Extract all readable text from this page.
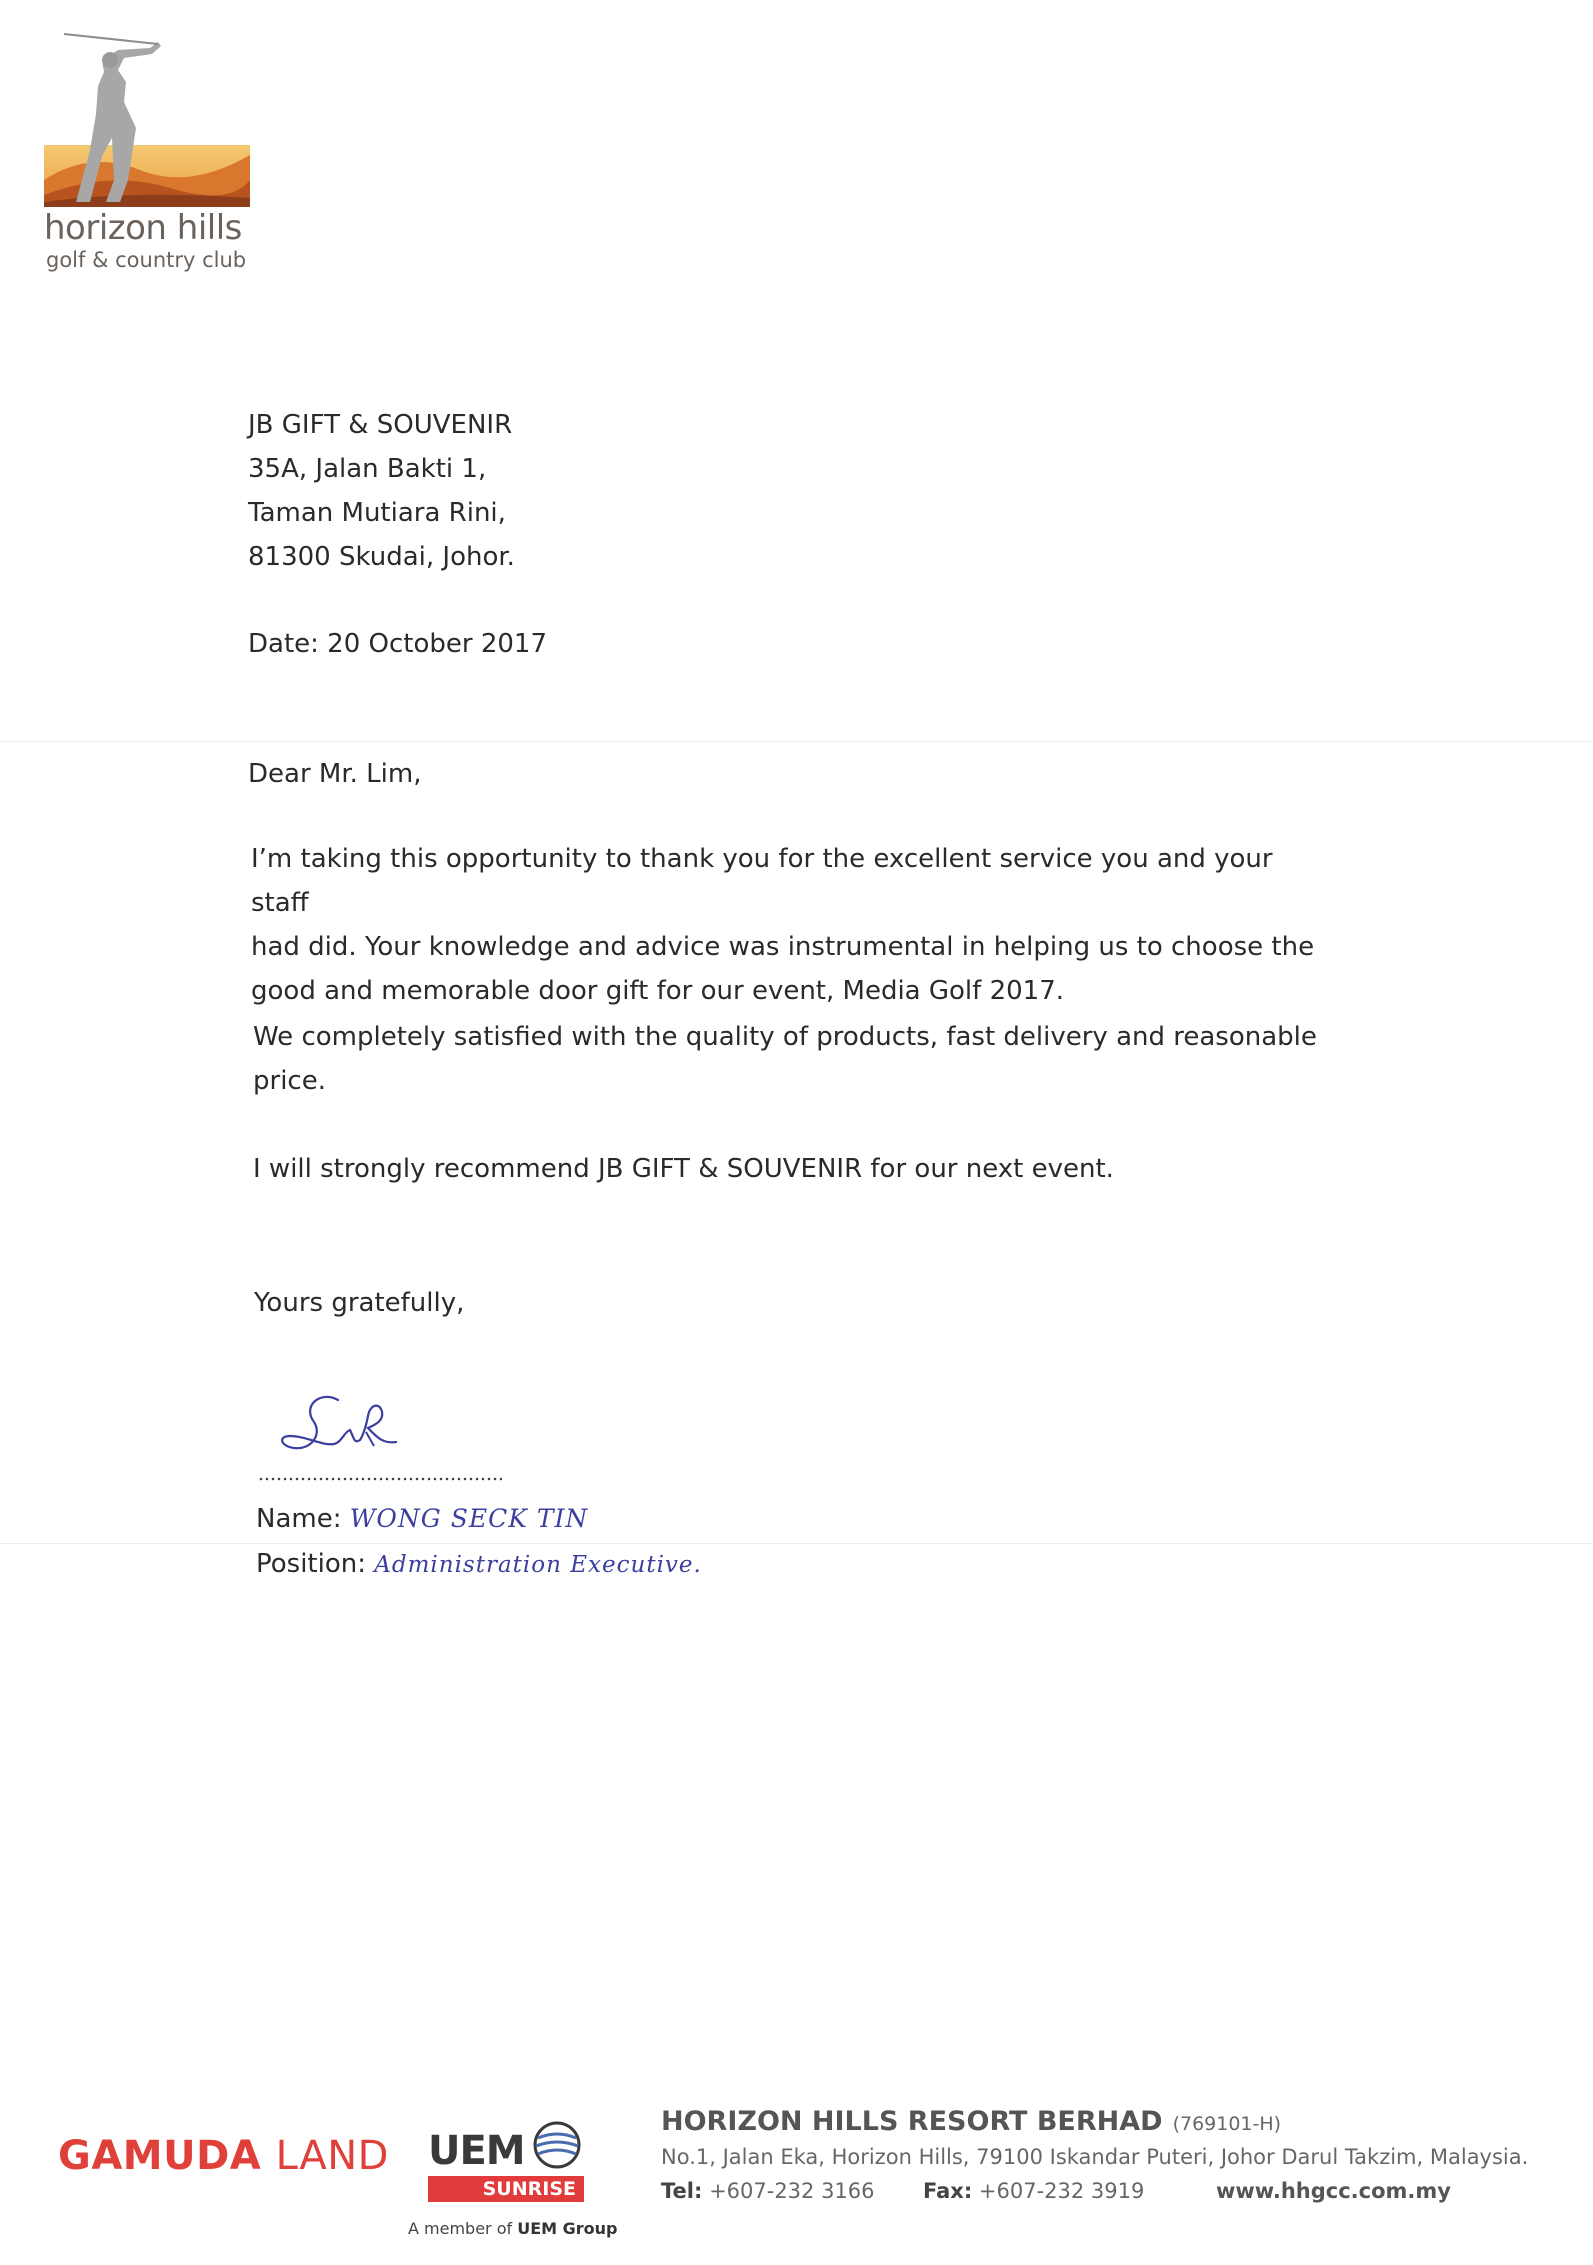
horizon hills
golf & country club
JB GIFT & SOUVENIR
35A, Jalan Bakti 1,
Taman Mutiara Rini,
81300 Skudai, Johor.
Date: 20 October 2017
Dear Mr. Lim,
I’m taking this opportunity to thank you for the excellent service you and your staff
had did. Your knowledge and advice was instrumental in helping us to choose the
good and memorable door gift for our event, Media Golf 2017.
We completely satisfied with the quality of products, fast delivery and reasonable
price.
I will strongly recommend JB GIFT & SOUVENIR for our next event.
Yours gratefully,
Name: WONG SECK TIN
Position: Administration Executive.
GAMUDA LAND UEM
SUNRISE
A member of UEM Group
HORIZON HILLS RESORT BERHAD (769101-H)
No.1, Jalan Eka, Horizon Hills, 79100 Iskandar Puteri, Johor Darul Takzim, Malaysia.
Tel: +607-232 3166 Fax: +607-232 3919	www.hhgcc.com.my
